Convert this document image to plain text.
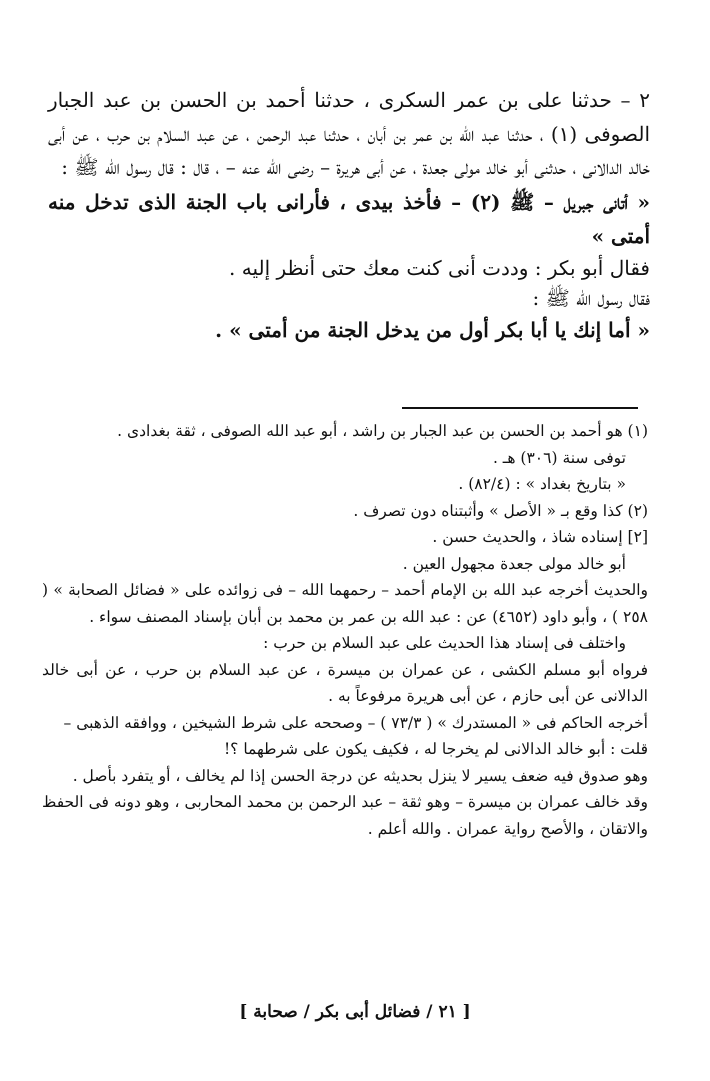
٢ – حدثنا على بن عمر السكرى ، حدثنا أحمد بن الحسن بن عبد الجبار الصوفى (١) ، حدثنا عبد الله بن عمر بن أبان ، حدثنا عبد الرحمن ، عن عبد السلام بن حرب ، عن أبى خالد الدالانى ، حدثنى أبو خالد مولى جعدة ، عن أبى هريرة – رضى الله عنه – ، قال : قال رسول الله ﷺ :

« أتانى جبريل – ﷺ (٢) – فأخذ بيدى ، فأرانى باب الجنة الذى تدخل منه أمتى »

فقال أبو بكر : وددت أنى كنت معك حتى أنظر إليه .

فقال رسول الله ﷺ :

« أما إنك يا أبا بكر أول من يدخل الجنة من أمتى » .

(١) هو أحمد بن الحسن بن عبد الجبار بن راشد ، أبو عبد الله الصوفى ، ثقة بغدادى .

توفى سنة (٣٠٦) هـ .

« بتاريخ بغداد » : (٨٢/٤) .

(٢) كذا وقع بـ « الأصل » وأثبتناه دون تصرف .

[٢] إسناده شاذ ، والحديث حسن .

أبو خالد مولى جعدة مجهول العين .

والحديث أخرجه عبد الله بن الإمام أحمد – رحمهما الله – فى زوائده على « فضائل الصحابة » ( ٢٥٨ ) ، وأبو داود (٤٦٥٢) عن : عبد الله بن عمر بن محمد بن أبان بإسناد المصنف سواء .

واختلف فى إسناد هذا الحديث على عبد السلام بن حرب :

فرواه أبو مسلم الكشى ، عن عمران بن ميسرة ، عن عبد السلام بن حرب ، عن أبى خالد الدالانى عن أبى حازم ، عن أبى هريرة مرفوعاً به .

أخرجه الحاكم فى « المستدرك » ( ٧٣/٣ ) – وصححه على شرط الشيخين ، ووافقه الذهبى –

قلت : أبو خالد الدالانى لم يخرجا له ، فكيف يكون على شرطهما ؟!

وهو صدوق فيه ضعف يسير لا ينزل بحديثه عن درجة الحسن إذا لم يخالف ، أو يتفرد بأصل .

وقد خالف عمران بن ميسرة – وهو ثقة – عبد الرحمن بن محمد المحاربى ، وهو دونه فى الحفظ والاتقان ، والأصح رواية عمران . والله أعلم .

[ ٢١ / فضائل أبى بكر / صحابة ]
